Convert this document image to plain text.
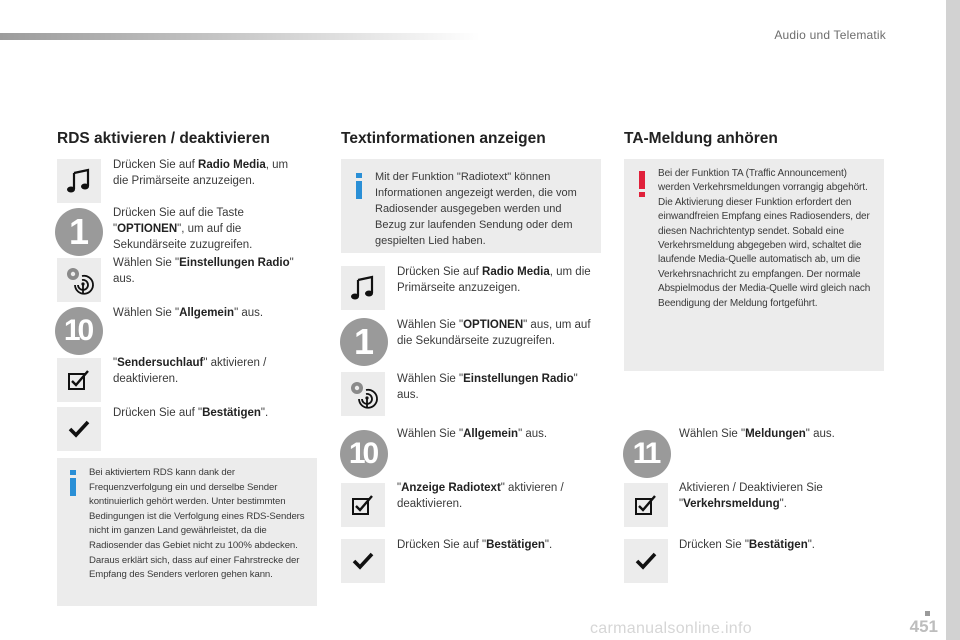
Audio und Telematik
RDS aktivieren / deaktivieren
Drücken Sie auf Radio Media, um die Primärseite anzuzeigen.
1	Drücken Sie auf die Taste "OPTIONEN", um auf die Sekundärseite zuzugreifen.
Wählen Sie "Einstellungen Radio" aus.
10
Wählen Sie "Allgemein" aus.
"Sendersuchlauf" aktivieren / deaktivieren.
Drücken Sie auf "Bestätigen".
Bei aktiviertem RDS kann dank der Frequenzverfolgung ein und derselbe Sender kontinuierlich gehört werden. Unter bestimmten Bedingungen ist die Verfolgung eines RDS-Senders nicht im ganzen Land gewährleistet, da die Radiosender das Gebiet nicht zu 100% abdecken. Daraus erklärt sich, dass auf einer Fahrstrecke der Empfang des Senders verloren gehen kann.
Textinformationen anzeigen
Mit der Funktion "Radiotext" können Informationen angezeigt werden, die vom Radiosender ausgegeben werden und Bezug zur laufenden Sendung oder dem gespielten Lied haben.
Drücken Sie auf Radio Media, um die Primärseite anzuzeigen.
1	Wählen Sie "OPTIONEN" aus, um auf die Sekundärseite zuzugreifen.
Wählen Sie "Einstellungen Radio" aus.
10
Wählen Sie "Allgemein" aus.
"Anzeige Radiotext" aktivieren / deaktivieren.
Drücken Sie auf "Bestätigen".
TA-Meldung anhören
Bei der Funktion TA (Traffic Announcement) werden Verkehrsmeldungen vorrangig abgehört. Die Aktivierung dieser Funktion erfordert den einwandfreien Empfang eines Radiosenders, der diesen Nachrichtentyp sendet. Sobald eine Verkehrsmeldung abgegeben wird, schaltet die laufende Media-Quelle automatisch ab, um die Verkehrsnachricht zu empfangen. Der normale Abspielmodus der Media-Quelle wird gleich nach Beendigung der Meldung fortgeführt.
11
Wählen Sie "Meldungen" aus.
Aktivieren / Deaktivieren Sie "Verkehrsmeldung".
Drücken Sie "Bestätigen".
451
carmanualsonline.info
